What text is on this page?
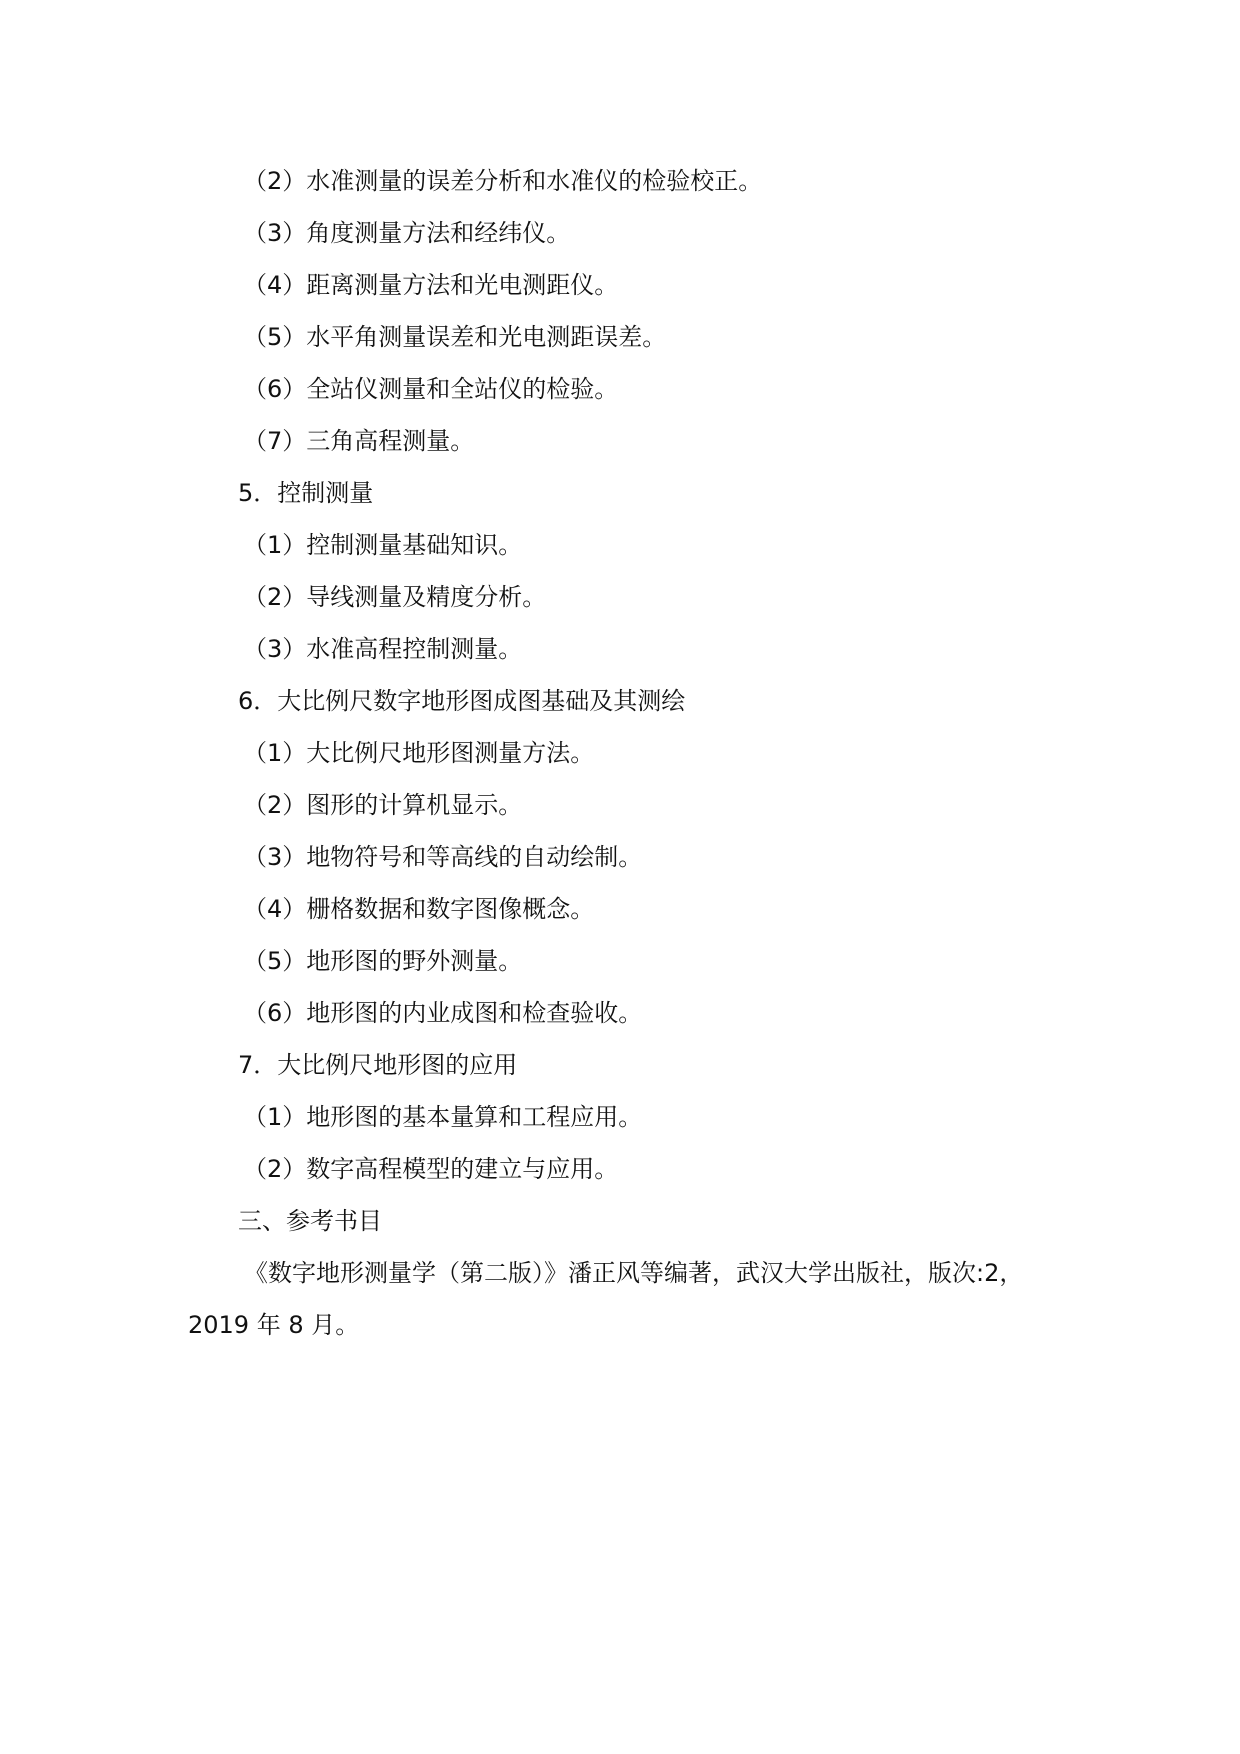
（2）水准测量的误差分析和水准仪的检验校正。
（3）角度测量方法和经纬仪。
（4）距离测量方法和光电测距仪。
（5）水平角测量误差和光电测距误差。
（6）全站仪测量和全站仪的检验。
（7）三角高程测量。
5．控制测量
（1）控制测量基础知识。
（2）导线测量及精度分析。
（3）水准高程控制测量。
6．大比例尺数字地形图成图基础及其测绘
（1）大比例尺地形图测量方法。
（2）图形的计算机显示。
（3）地物符号和等高线的自动绘制。
（4）栅格数据和数字图像概念。
（5）地形图的野外测量。
（6）地形图的内业成图和检查验收。
7．大比例尺地形图的应用
（1）地形图的基本量算和工程应用。
（2）数字高程模型的建立与应用。
三、参考书目
《数字地形测量学（第二版）》潘正风等编著，武汉大学出版社，版次:2，
2019 年 8 月。
